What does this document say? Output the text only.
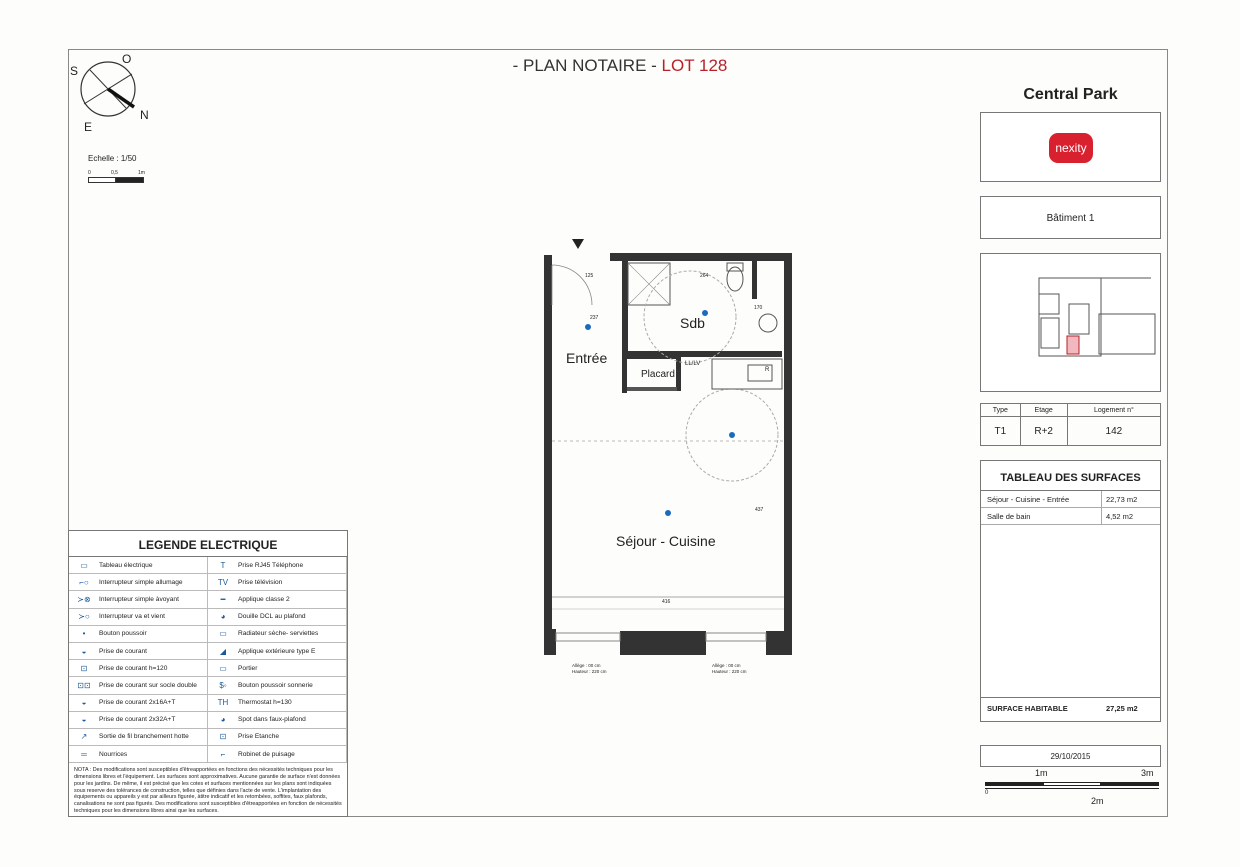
- PLAN NOTAIRE - LOT 128
S
O
E
N
Echelle : 1/50
0	0,5	1m
Sdb
Entrée
Placard
Séjour - Cuisine
LL/LV
R
125	264
237
170
437
416
Allège : 00 cm
Hauteur : 220 cm
Allège : 00 cm
Hauteur : 220 cm
LEGENDE ELECTRIQUE
▭	Tableau électrique	T	Prise RJ45 Téléphone
⌐○	Interrupteur simple allumage	TV	Prise télévision
≻⊗	Interrupteur simple àvoyant	━	Applique classe 2
≻○	Interrupteur va et vient	◕	Douille DCL au plafond
•	Bouton poussoir	▭	Radiateur sèche- serviettes
◒	Prise de courant	◢	Applique extérieure type E
⊡	Prise de courant h=120	▭	Portier
⊡⊡	Prise de courant sur socle double	$◦	Bouton poussoir sonnerie
◒	Prise de courant 2x16A+T	TH	Thermostat h=130
◒	Prise de courant 2x32A+T	◕	Spot dans faux-plafond
↗	Sortie de fil branchement hotte	⊡	Prise Etanche
═	Nourrices	⌐	Robinet de puisage
NOTA : Des modifications sont susceptibles d'êtreapportées en fonctions des nécessités techniques pour les dimensions libres et l'équipement. Les surfaces sont approximatives. Aucune garantie de surface n'est données pour les jardins. De même, il est précisé que les cotes et surfaces mentionnées sur les plans sont indiquées sous reserve des tolérances de construction, telles que définies dans l'acte de vente. L'implantation des équipements ou appareils y est par ailleurs figurée, àtitre indicatif et les retombées, soffites, faux plafonds, canalisations ne sont pas figurés. Des modifications sont susceptibles d'êtreapportées en fonction de nécessités techniques pour les dimensions libres ainsi que les surfaces.
Central Park
nexity
Bâtiment 1
Type	Etage	Logement n°
T1	R+2	142
TABLEAU DES SURFACES
Séjour - Cuisine - Entrée	22,73 m2
Salle de bain	4,52 m2
SURFACE HABITABLE	27,25 m2
29/10/2015
1m	3m
0
2m
